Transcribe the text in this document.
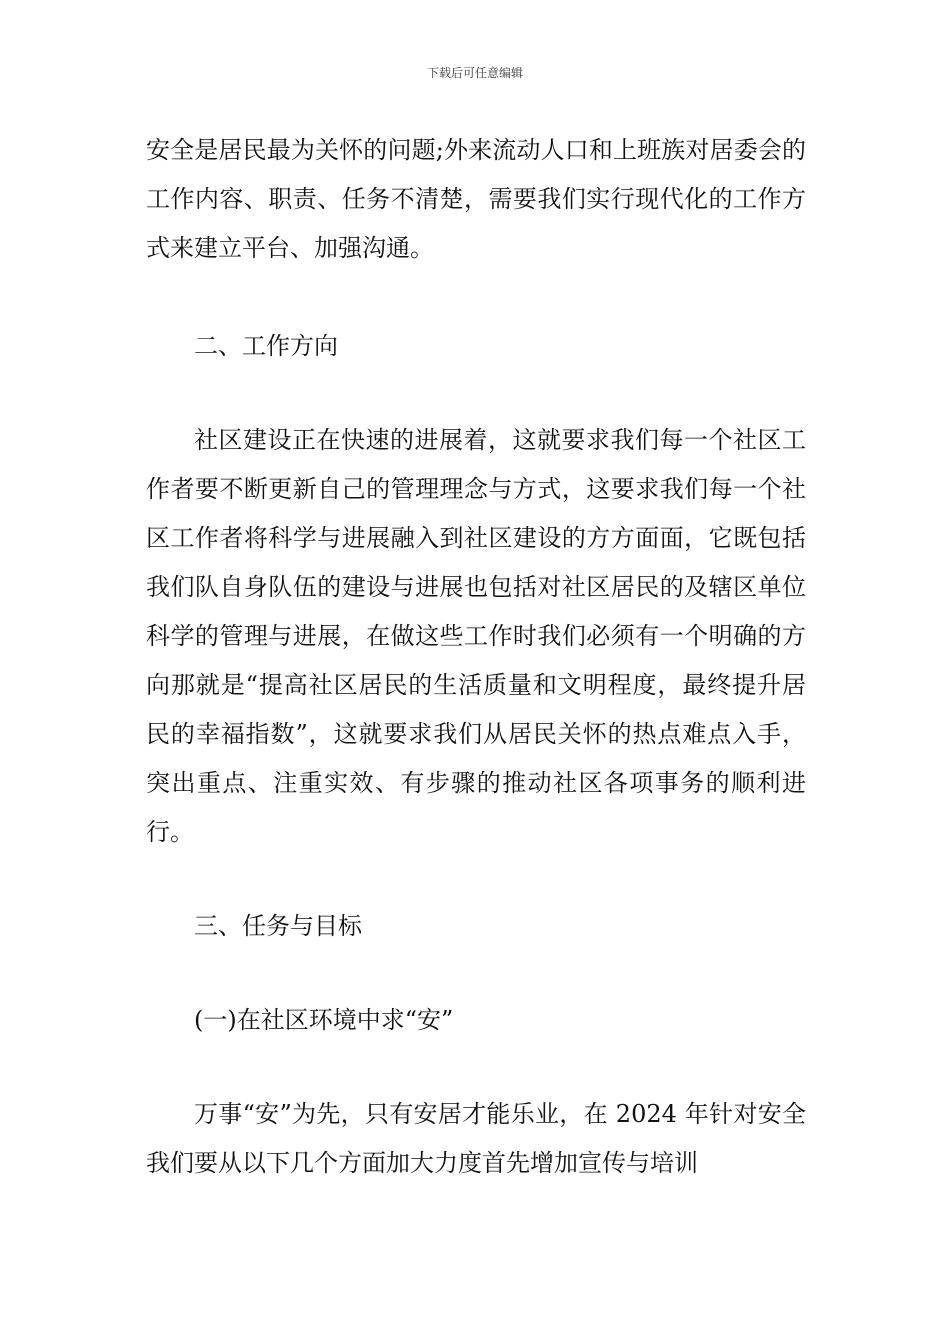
下载后可任意编辑

安全是居民最为关怀的问题;外来流动人口和上班族对居委会的工作内容、职责、任务不清楚，需要我们实行现代化的工作方式来建立平台、加强沟通。

二、工作方向

社区建设正在快速的进展着，这就要求我们每一个社区工作者要不断更新自己的管理理念与方式，这要求我们每一个社区工作者将科学与进展融入到社区建设的方方面面，它既包括我们队自身队伍的建设与进展也包括对社区居民的及辖区单位科学的管理与进展，在做这些工作时我们必须有一个明确的方向那就是“提高社区居民的生活质量和文明程度，最终提升居民的幸福指数”，这就要求我们从居民关怀的热点难点入手，突出重点、注重实效、有步骤的推动社区各项事务的顺利进行。

三、任务与目标

(一)在社区环境中求“安”

万事“安”为先，只有安居才能乐业，在 2024 年针对安全我们要从以下几个方面加大力度首先增加宣传与培训
